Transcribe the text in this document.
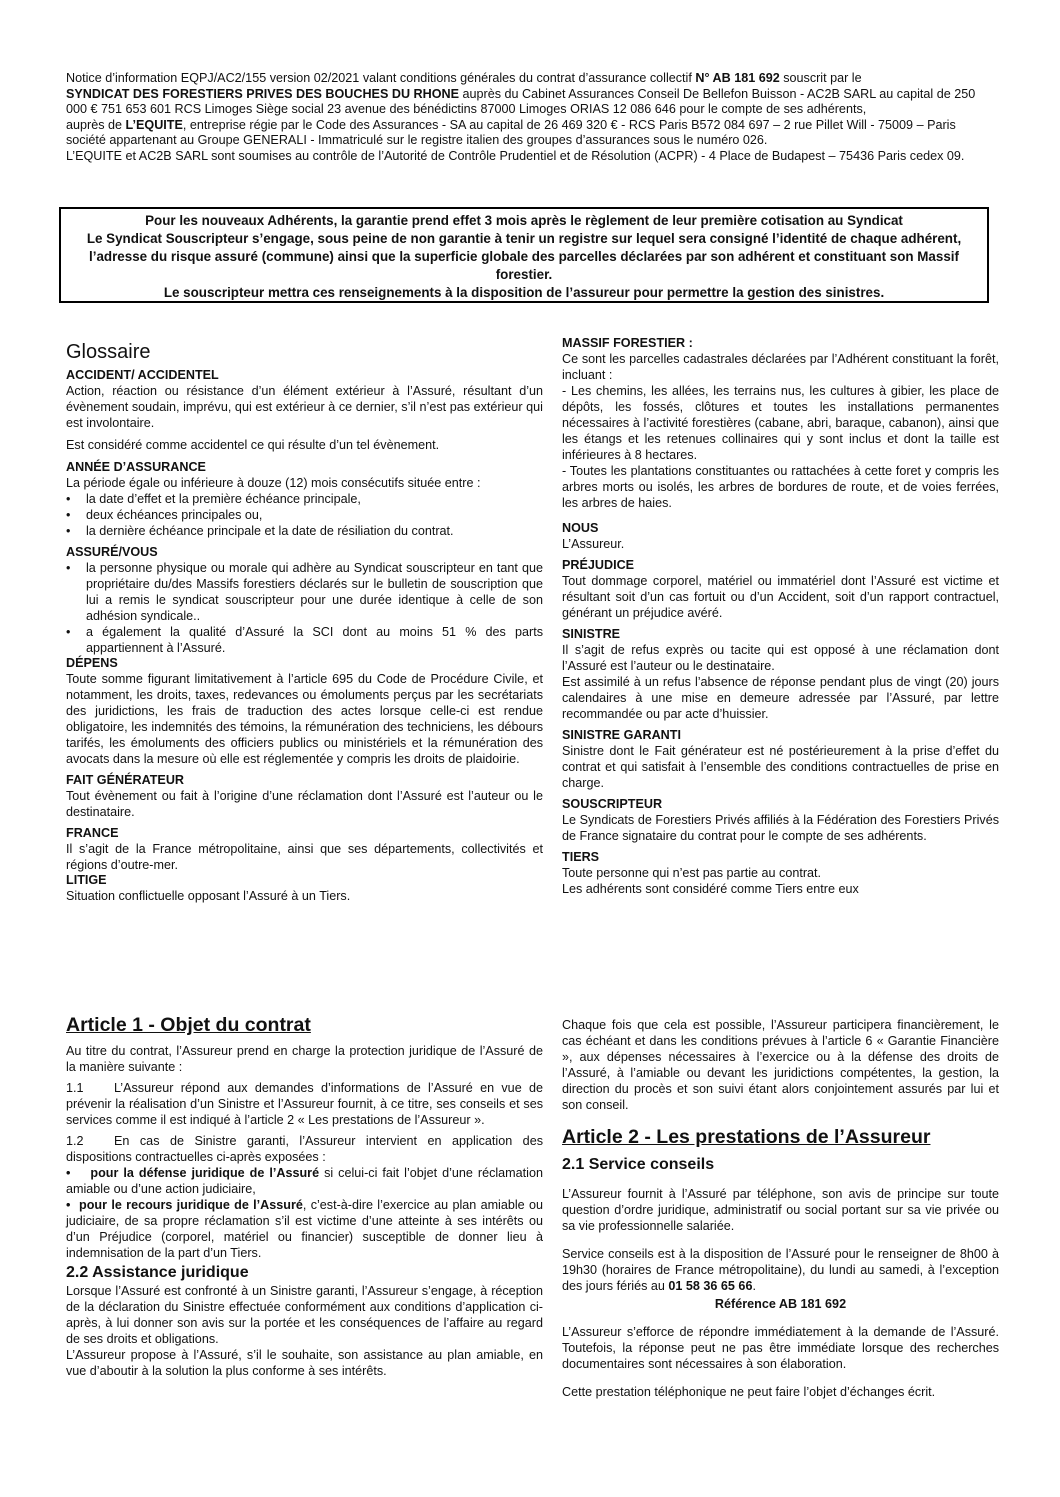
Notice d’information EQPJ/AC2/155 version 02/2021 valant conditions générales du contrat d’assurance collectif N° AB 181 692 souscrit par le

SYNDICAT DES FORESTIERS PRIVES DES BOUCHES DU RHONE auprès du Cabinet Assurances Conseil De Bellefon Buisson - AC2B SARL au capital de 250 000 € 751 653 601 RCS Limoges Siège social 23 avenue des bénédictins 87000 Limoges ORIAS 12 086 646 pour le compte de ses adhérents,

auprès de L’EQUITE, entreprise régie par le Code des Assurances - SA au capital de 26 469 320 € - RCS Paris B572 084 697 – 2 rue Pillet Will - 75009 – Paris société appartenant au Groupe GENERALI - Immatriculé sur le registre italien des groupes d’assurances sous le numéro 026.

L’EQUITE et AC2B SARL sont soumises au contrôle de l’Autorité de Contrôle Prudentiel et de Résolution (ACPR) - 4 Place de Budapest – 75436 Paris cedex 09.

Pour les nouveaux Adhérents, la garantie prend effet 3 mois après le règlement de leur première cotisation au Syndicat

Le Syndicat Souscripteur s’engage, sous peine de non garantie à tenir un registre sur lequel sera consigné l’identité de chaque adhérent, l’adresse du risque assuré (commune) ainsi que la superficie globale des parcelles déclarées par son adhérent et constituant son Massif forestier.

Le souscripteur mettra ces renseignements à la disposition de l’assureur pour permettre la gestion des sinistres.

Glossaire

ACCIDENT/ ACCIDENTEL

Action, réaction ou résistance d’un élément extérieur à l’Assuré, résultant d’un évènement soudain, imprévu, qui est extérieur à ce dernier, s’il n’est pas extérieur qui est involontaire.

Est considéré comme accidentel ce qui résulte d’un tel évènement.

ANNÉE D’ASSURANCE

La période égale ou inférieure à douze (12) mois consécutifs située entre :

• la date d’effet et la première échéance principale,

• deux échéances principales ou,

• la dernière échéance principale et la date de résiliation du contrat.

ASSURÉ/VOUS

• la personne physique ou morale qui adhère au Syndicat souscripteur en tant que propriétaire du/des Massifs forestiers déclarés sur le bulletin de souscription que lui a remis le syndicat souscripteur pour une durée identique à celle de son adhésion syndicale..

• a également la qualité d’Assuré la SCI dont au moins 51 % des parts appartiennent à l’Assuré.

DÉPENS

Toute somme figurant limitativement à l’article 695 du Code de Procédure Civile, et notamment, les droits, taxes, redevances ou émoluments perçus par les secrétariats des juridictions, les frais de traduction des actes lorsque celle-ci est rendue obligatoire, les indemnités des témoins, la rémunération des techniciens, les débours tarifés, les émoluments des officiers publics ou ministériels et la rémunération des avocats dans la mesure où elle est réglementée y compris les droits de plaidoirie.

FAIT GÉNÉRATEUR

Tout évènement ou fait à l’origine d’une réclamation dont l’Assuré est l’auteur ou le destinataire.

FRANCE

Il s’agit de la France métropolitaine, ainsi que ses départements, collectivités et régions d’outre-mer.

LITIGE

Situation conflictuelle opposant l’Assuré à un Tiers.

MASSIF FORESTIER :

Ce sont les parcelles cadastrales déclarées par l’Adhérent constituant la forêt, incluant :

- Les chemins, les allées, les terrains nus, les cultures à gibier, les place de dépôts, les fossés, clôtures et toutes les installations permanentes nécessaires à l’activité forestières (cabane, abri, baraque, cabanon), ainsi que les étangs et les retenues collinaires qui y sont inclus et dont la taille est inférieures à 8 hectares.

- Toutes les plantations constituantes ou rattachées à cette foret y compris les arbres morts ou isolés, les arbres de bordures de route, et de voies ferrées, les arbres de haies.

NOUS

L’Assureur.

PRÉJUDICE

Tout dommage corporel, matériel ou immatériel dont l’Assuré est victime et résultant soit d’un cas fortuit ou d’un Accident, soit d’un rapport contractuel, générant un préjudice avéré.

SINISTRE

Il s’agit de refus exprès ou tacite qui est opposé à une réclamation dont l’Assuré est l’auteur ou le destinataire.

Est assimilé à un refus l’absence de réponse pendant plus de vingt (20) jours calendaires à une mise en demeure adressée par l’Assuré, par lettre recommandée ou par acte d’huissier.

SINISTRE GARANTI

Sinistre dont le Fait générateur est né postérieurement à la prise d’effet du contrat et qui satisfait à l’ensemble des conditions contractuelles de prise en charge.

SOUSCRIPTEUR

Le Syndicats de Forestiers Privés affiliés à la Fédération des Forestiers Privés de France signataire du contrat pour le compte de ses adhérents.

TIERS

Toute personne qui n’est pas partie au contrat.

Les adhérents sont considéré comme Tiers entre eux

Article 1 - Objet du contrat

Au titre du contrat, l’Assureur prend en charge la protection juridique de l’Assuré de la manière suivante :

1.1 L’Assureur répond aux demandes d’informations de l’Assuré en vue de prévenir la réalisation d’un Sinistre et l’Assureur fournit, à ce titre, ses conseils et ses services comme il est indiqué à l’article 2 « Les prestations de l’Assureur ».

1.2 En cas de Sinistre garanti, l’Assureur intervient en application des dispositions contractuelles ci-après exposées :

• •    pour la défense juridique de l’Assuré si celui-ci fait l’objet d’une réclamation amiable ou d’une action judiciaire,

• •  pour le recours juridique de l’Assuré, c’est-à-dire l’exercice au plan amiable ou judiciaire, de sa propre réclamation s’il est victime d’une atteinte à ses intérêts ou d’un Préjudice (corporel, matériel ou financier) susceptible de donner lieu à indemnisation de la part d’un Tiers.

2.2 Assistance juridique

Lorsque l’Assuré est confronté à un Sinistre garanti, l’Assureur s’engage, à réception de la déclaration du Sinistre effectuée conformément aux conditions d’application ci-après, à lui donner son avis sur la portée et les conséquences de l’affaire au regard de ses droits et obligations.

L’Assureur propose à l’Assuré, s’il le souhaite, son assistance au plan amiable, en vue d’aboutir à la solution la plus conforme à ses intérêts.

Chaque fois que cela est possible, l’Assureur participera financièrement, le cas échéant et dans les conditions prévues à l’article 6 « Garantie Financière », aux dépenses nécessaires à l’exercice ou à la défense des droits de l’Assuré, à l’amiable ou devant les juridictions compétentes, la gestion, la direction du procès et son suivi étant alors conjointement assurés par lui et son conseil.

Article 2 - Les prestations de l’Assureur
2.1 Service conseils

L’Assureur fournit à l’Assuré par téléphone, son avis de principe sur toute question d’ordre juridique, administratif ou social portant sur sa vie privée ou sa vie professionnelle salariée.

Service conseils est à la disposition de l’Assuré pour le renseigner de 8h00 à 19h30 (horaires de France métropolitaine), du lundi au samedi, à l’exception des jours fériés au 01 58 36 65 66.

Référence AB 181 692

L’Assureur s’efforce de répondre immédiatement à la demande de l’Assuré. Toutefois, la réponse peut ne pas être immédiate lorsque des recherches documentaires sont nécessaires à son élaboration.

Cette prestation téléphonique ne peut faire l’objet d’échanges écrit.
